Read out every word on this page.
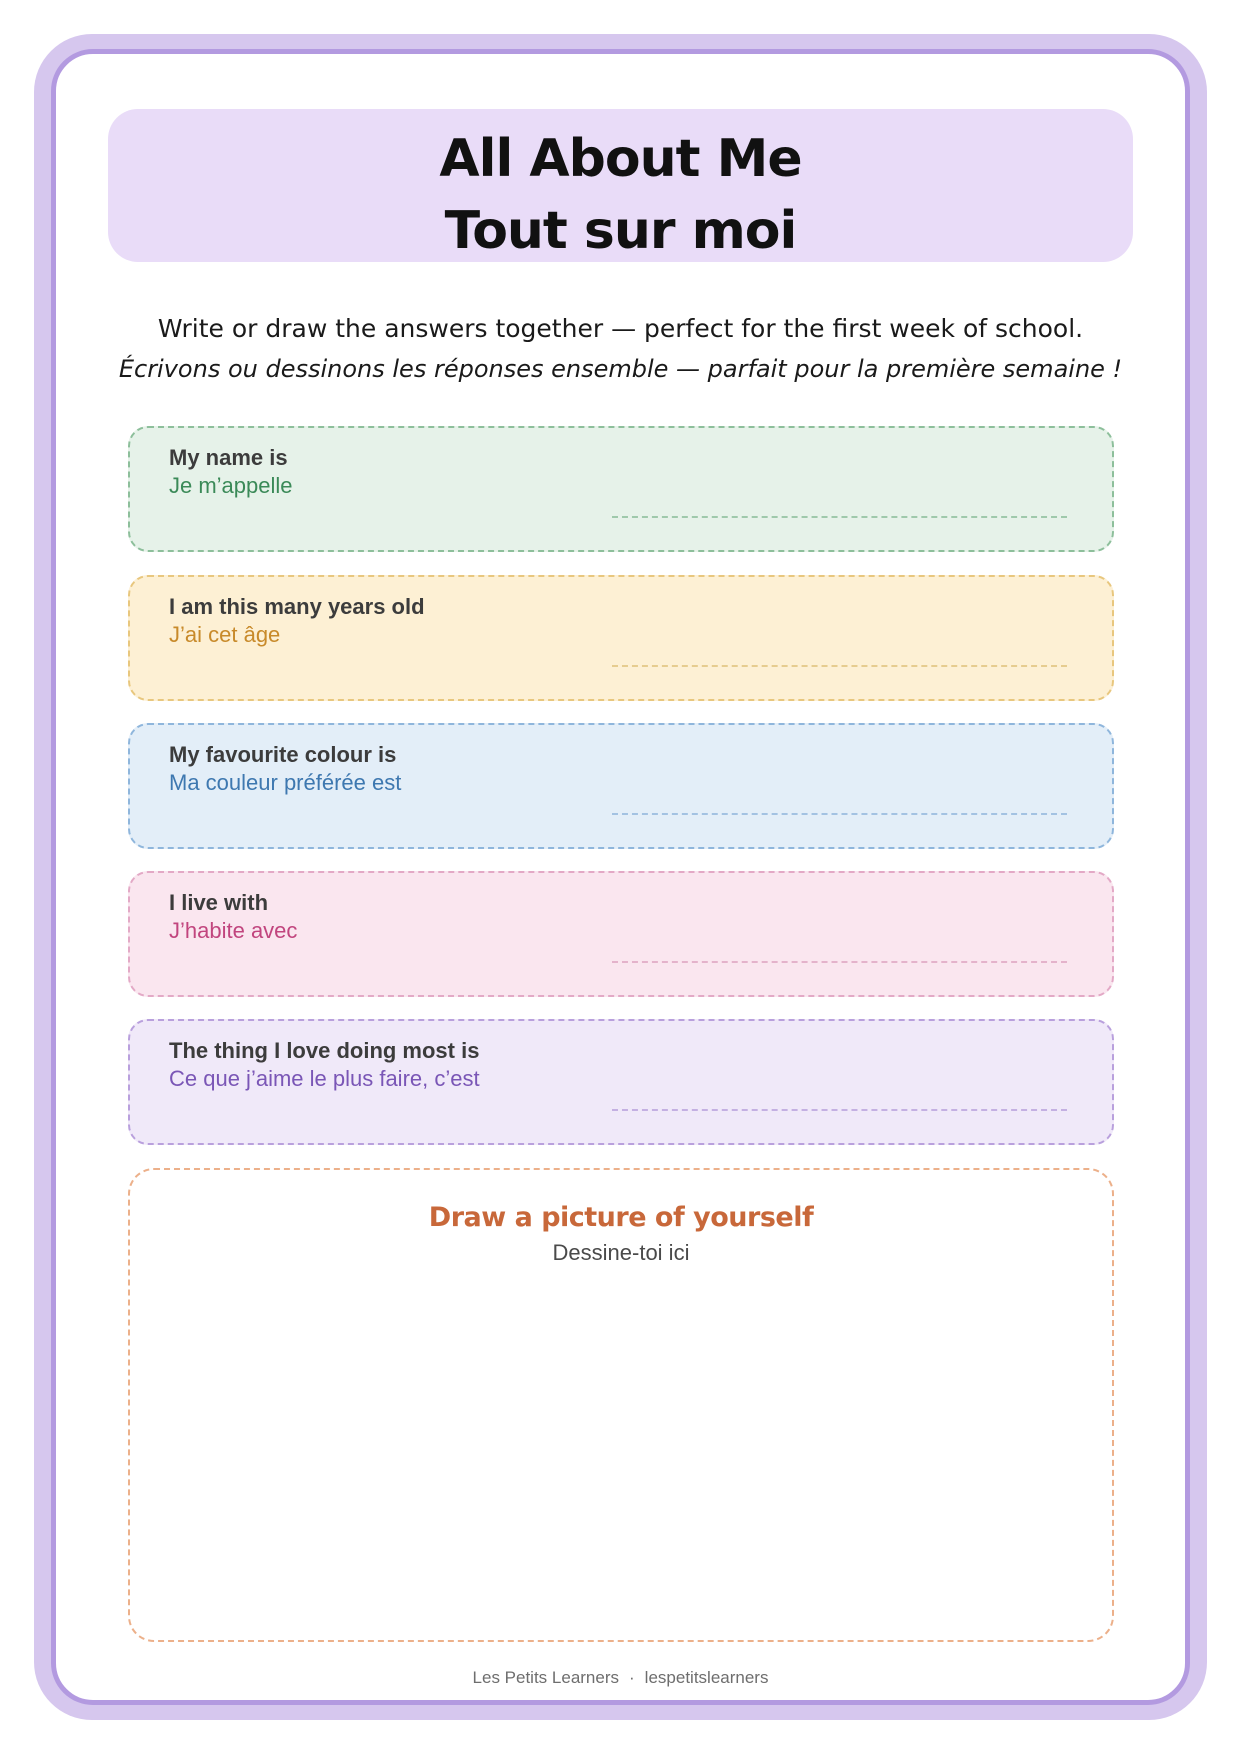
All About Me
Tout sur moi
Write or draw the answers together — perfect for the first week of school.
Écrivons ou dessinons les réponses ensemble — parfait pour la première semaine !
My name is
Je m’appelle
I am this many years old
J’ai cet âge
My favourite colour is
Ma couleur préférée est
I live with
J’habite avec
The thing I love doing most is
Ce que j’aime le plus faire, c’est
Draw a picture of yourself
Dessine-toi ici
Les Petits Learners · lespetitslearners
